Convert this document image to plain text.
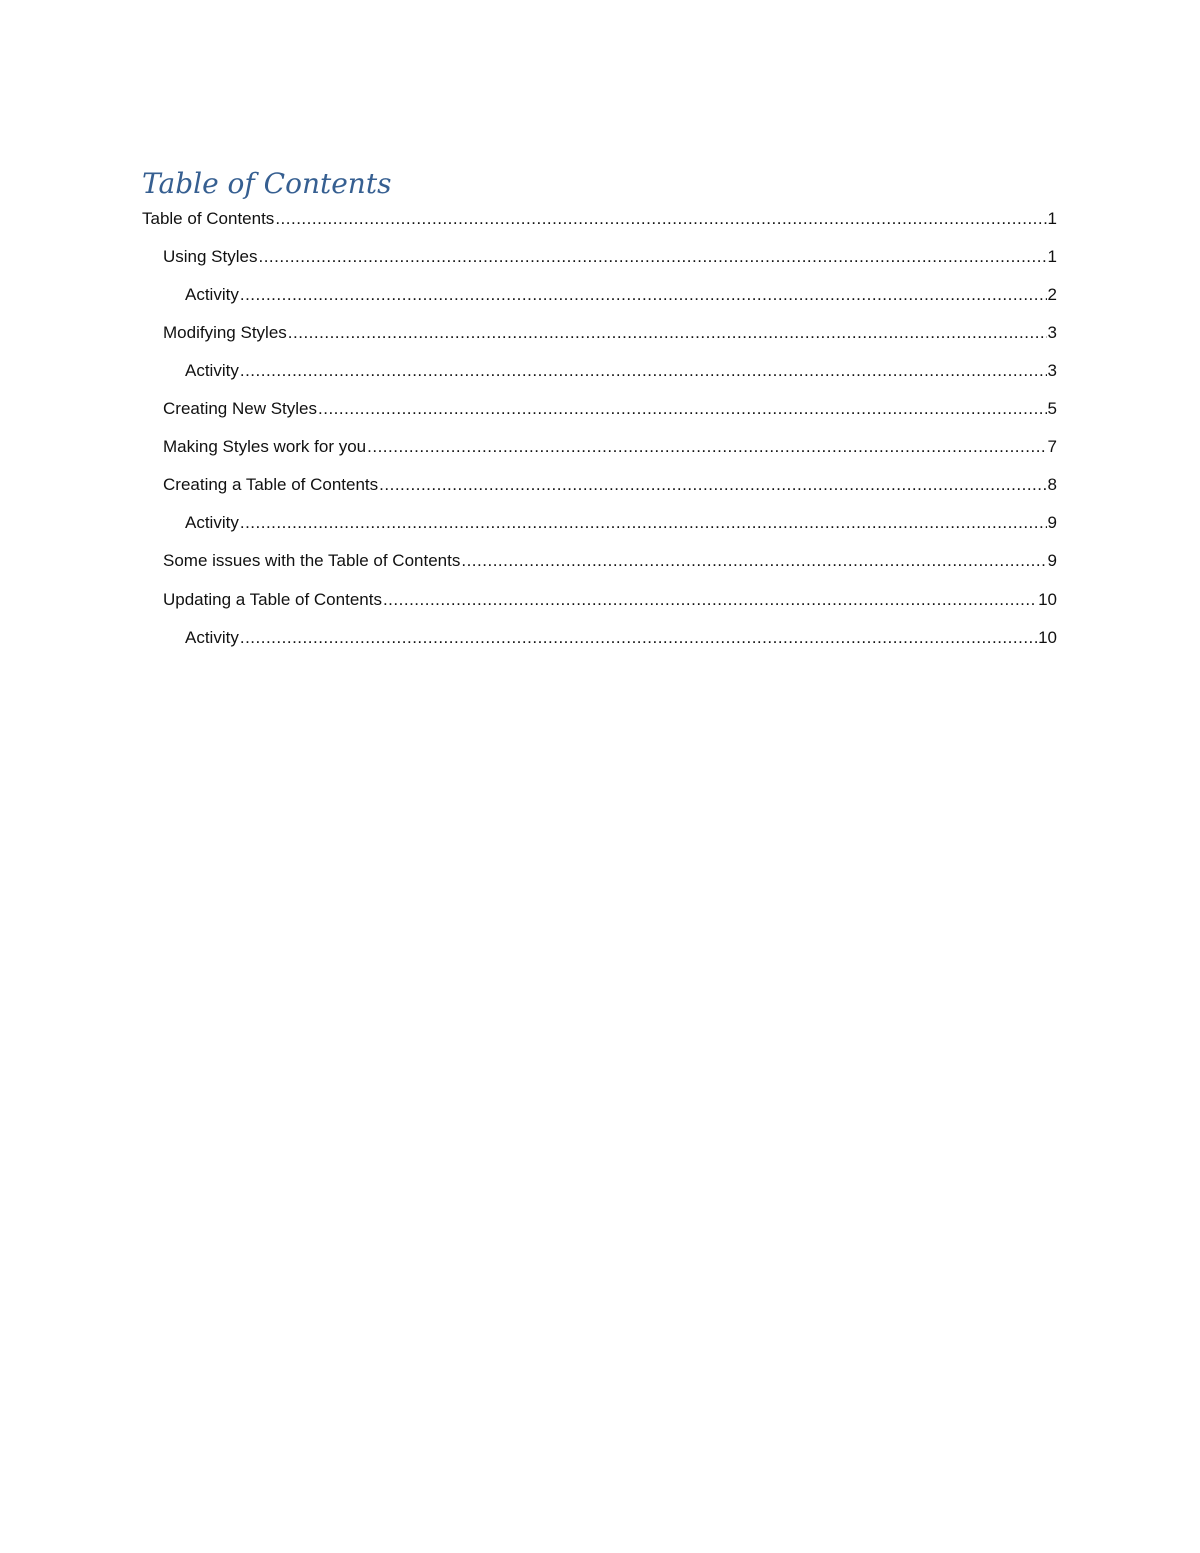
Table of Contents
Table of Contents .....	1
Using Styles .....	1
Activity .....	2
Modifying Styles .....	3
Activity .....	3
Creating New Styles .....	5
Making Styles work for you .....	7
Creating a Table of Contents .....	8
Activity .....	9
Some issues with the Table of Contents .....	9
Updating a Table of Contents .....	10
Activity .....	10
